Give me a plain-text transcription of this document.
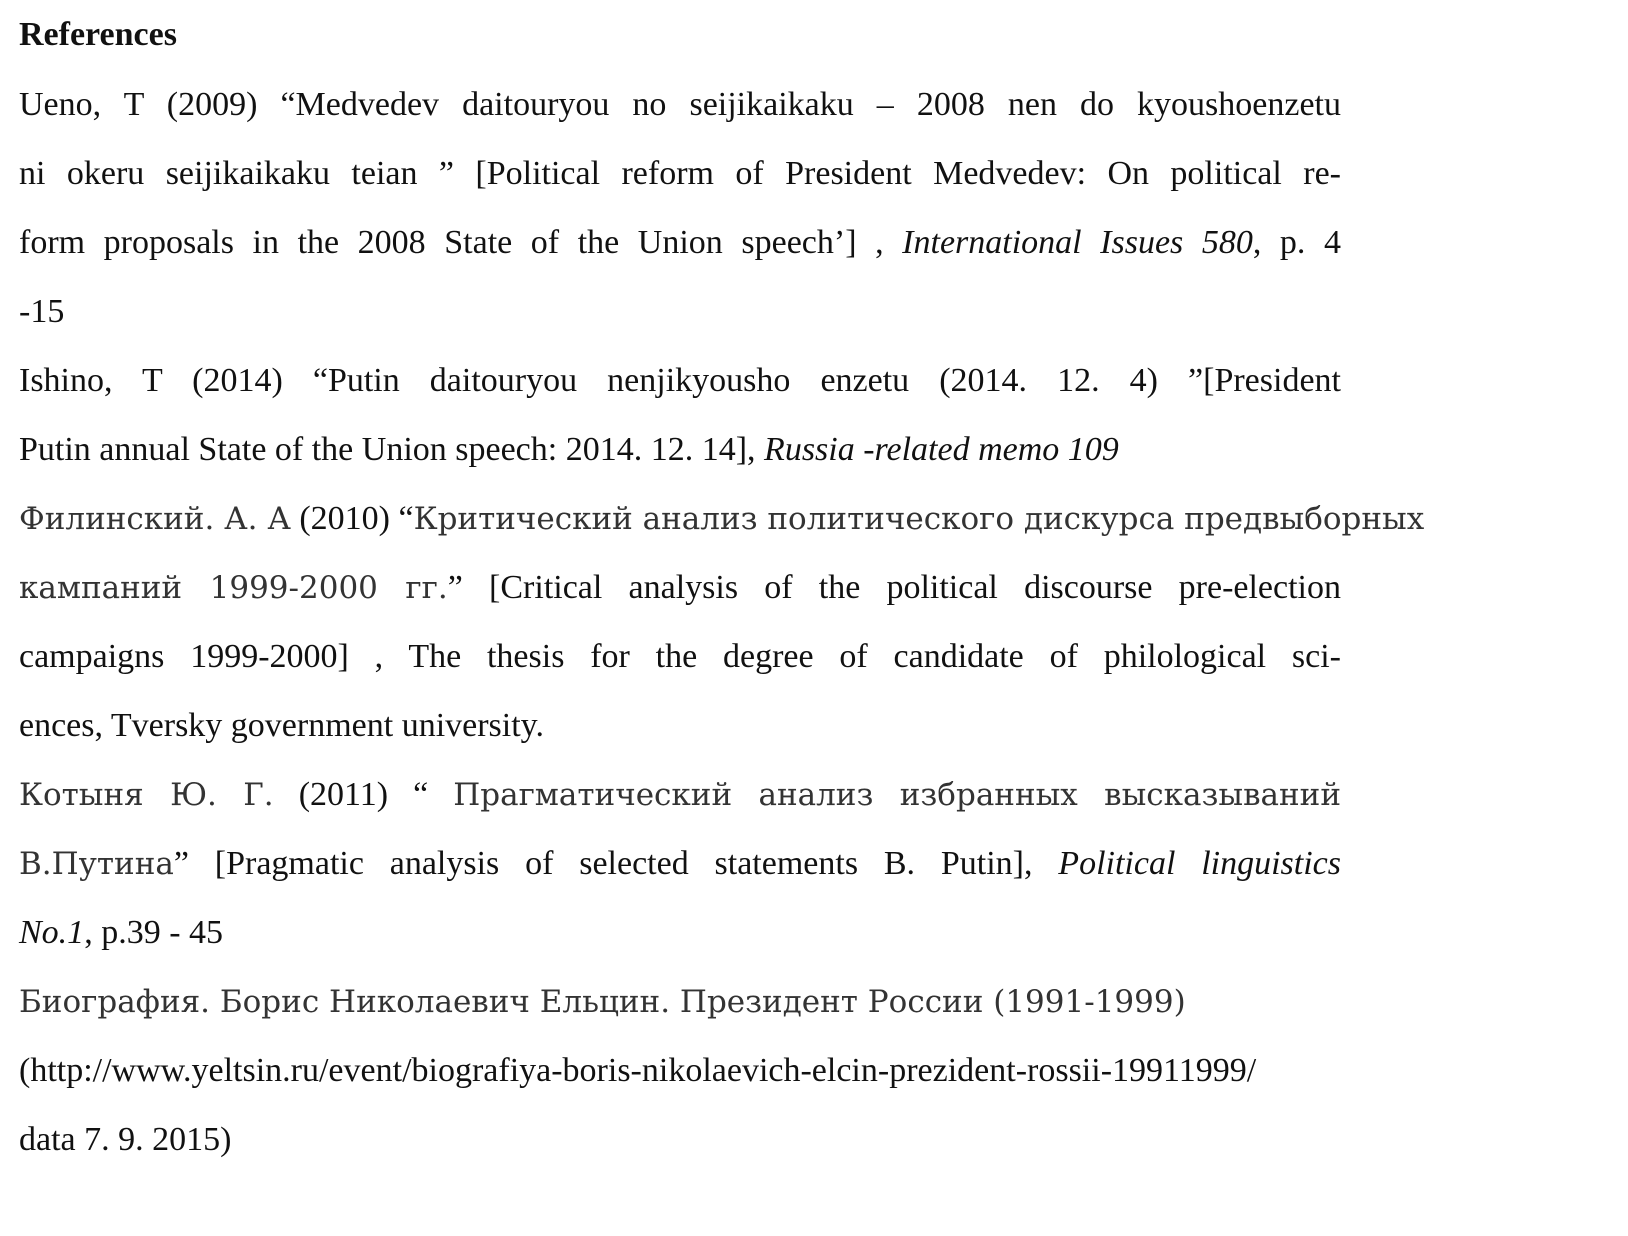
References
Ueno, T (2009) “Medvedev daitouryou no seijikaikaku – 2008 nen do kyoushoenzetu
ni okeru seijikaikaku teian ” [Political reform of President Medvedev: On political re-
form proposals in the 2008 State of the Union speech’] , International Issues 580, p. 4
-15
Ishino, T (2014) “Putin daitouryou nenjikyousho enzetu (2014. 12. 4) ”[President
Putin annual State of the Union speech: 2014. 12. 14], Russia -related memo 109
Филинский. А. А (2010) “Критический анализ политического дискурса предвыборных
кампаний 1999-2000 гг.” [Critical analysis of the political discourse pre-election
campaigns 1999-2000] , The thesis for the degree of candidate of philological sci-
ences, Tversky government university.
Котыня Ю. Г. (2011) “ Прагматический анализ избранных высказываний
В.Путина” [Pragmatic analysis of selected statements B. Putin], Political linguistics
No.1, p.39 - 45
Биография. Борис Николаевич Ельцин. Президент России (1991-1999)
(http://www.yeltsin.ru/event/biografiya-boris-nikolaevich-elcin-prezident-rossii-19911999/
data 7. 9. 2015)
